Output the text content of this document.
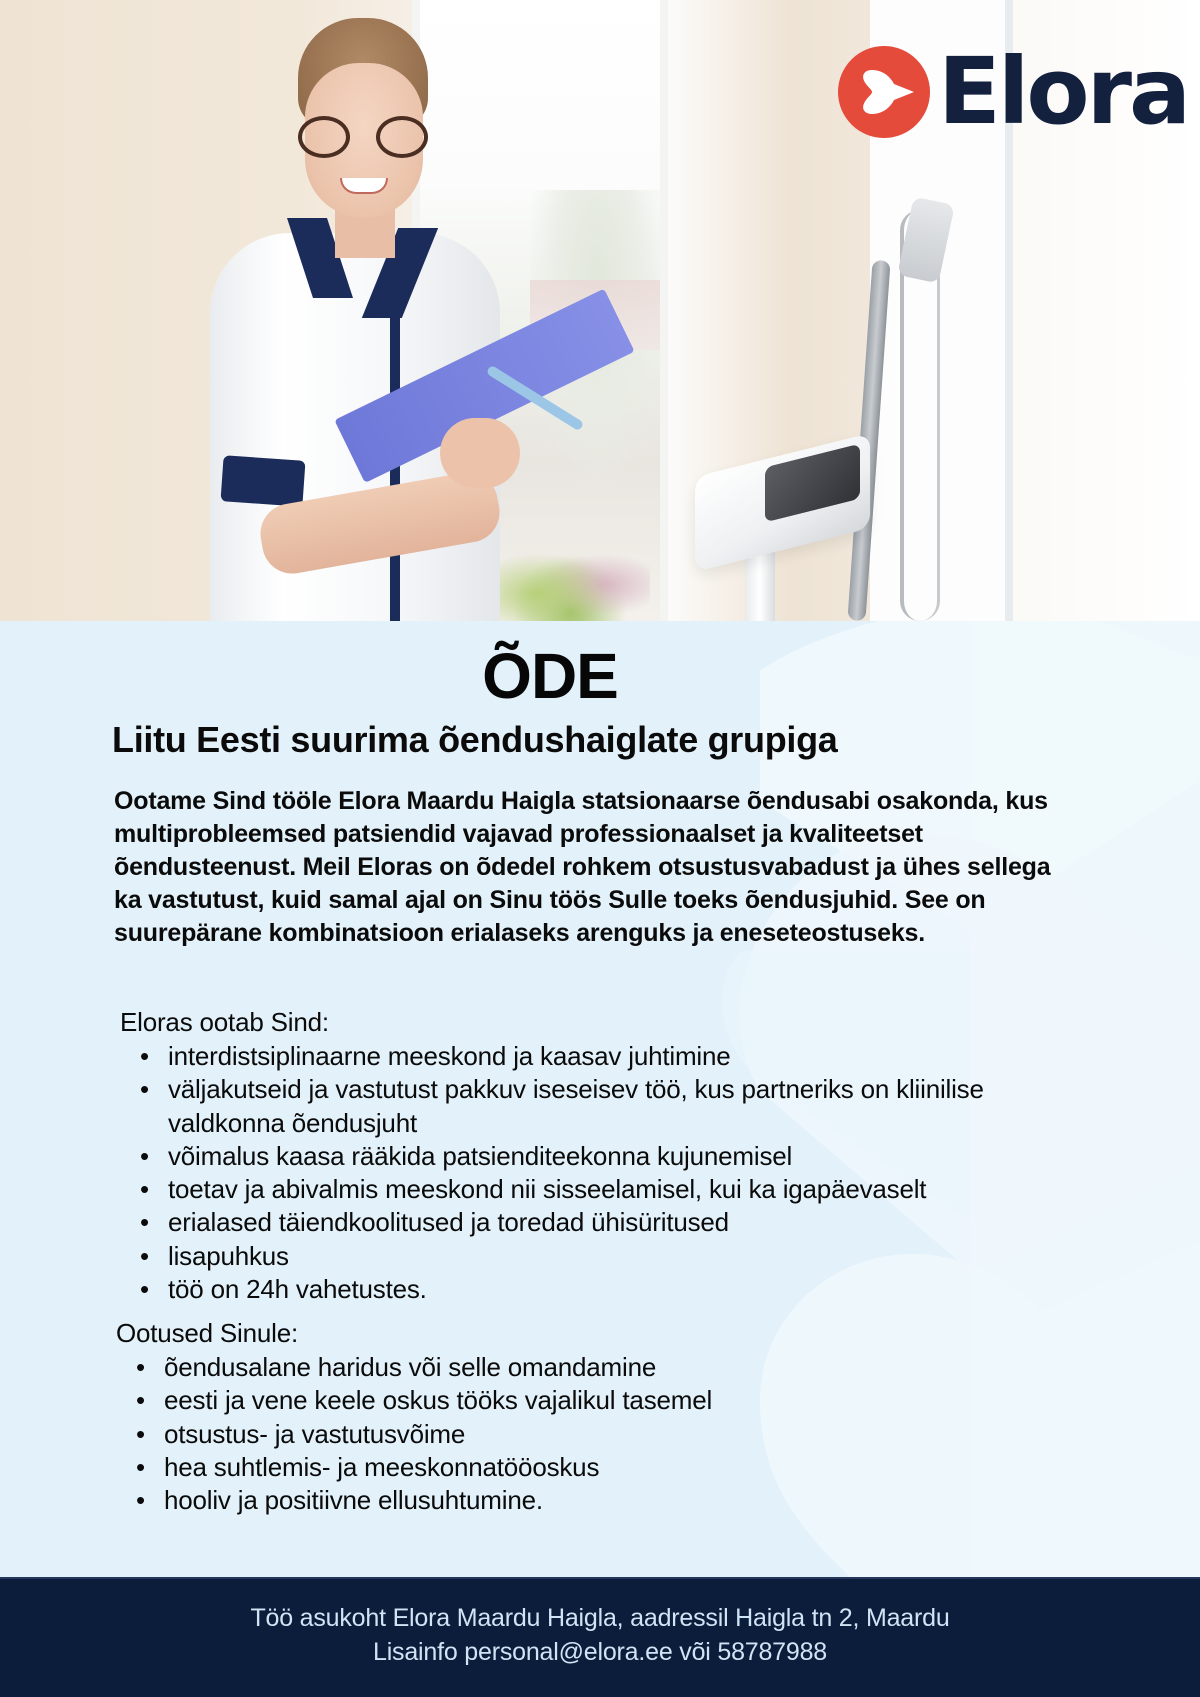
Elora
ÕDE
Liitu Eesti suurima õendushaiglate grupiga

Ootame Sind tööle Elora Maardu Haigla statsionaarse õendusabi osakonda, kus multiprobleemsed patsiendid vajavad professionaalset ja kvaliteetset õendusteenust. Meil Eloras on õdedel rohkem otsustusvabadust ja ühes sellega ka vastutust, kuid samal ajal on Sinu töös Sulle toeks õendusjuhid. See on suurepärane kombinatsioon erialaseks arenguks ja eneseteostuseks.

Eloras ootab Sind:
• interdistsiplinaarne meeskond ja kaasav juhtimine
• väljakutseid ja vastutust pakkuv iseseisev töö, kus partneriks on kliinilise valdkonna õendusjuht
• võimalus kaasa rääkida patsienditeekonna kujunemisel
• toetav ja abivalmis meeskond nii sisseelamisel, kui ka igapäevaselt
• erialased täiendkoolitused ja toredad ühisüritused
• lisapuhkus
• töö on 24h vahetustes.
Ootused Sinule:
• õendusalane haridus või selle omandamine
• eesti ja vene keele oskus tööks vajalikul tasemel
• otsustus- ja vastutusvõime
• hea suhtlemis- ja meeskonnatööoskus
• hooliv ja positiivne ellusuhtumine.
Töö asukoht Elora Maardu Haigla, aadressil Haigla tn 2, Maardu
Lisainfo personal@elora.ee või 58787988
